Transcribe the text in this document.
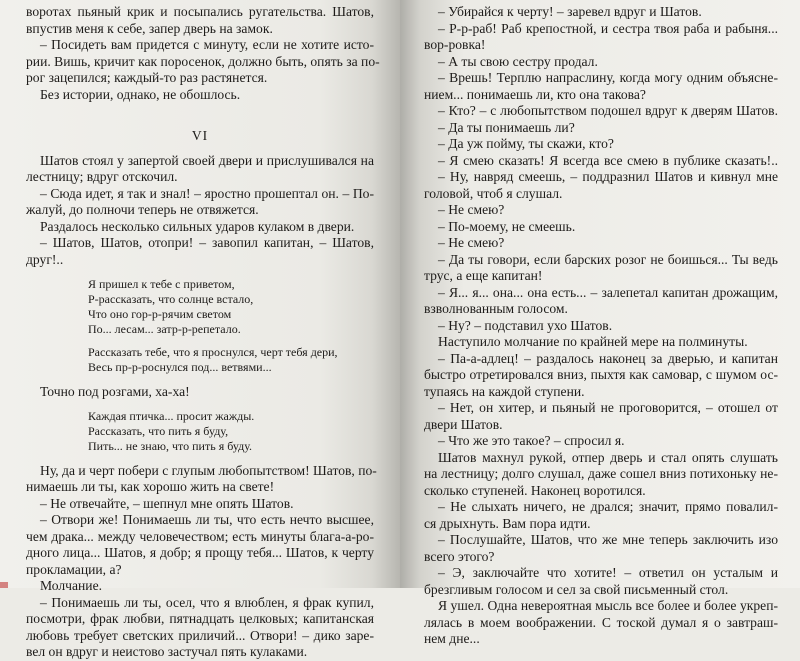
воротах пьяный крик и посыпались ругательства. Шатов,
впустив меня к себе, запер дверь на замок.
– Посидеть вам придется с минуту, если не хотите исто-
рии. Вишь, кричит как поросенок, должно быть, опять за по-
рог зацепился; каждый-то раз растянется.
Без истории, однако, не обошлось.
VI
Шатов стоял у запертой своей двери и прислушивался на
лестницу; вдруг отскочил.
– Сюда идет, я так и знал! – яростно прошептал он. – По-
жалуй, до полночи теперь не отвяжется.
Раздалось несколько сильных ударов кулаком в двери.
– Шатов, Шатов, отопри! – завопил капитан, – Шатов,
друг!..
Я пришел к тебе с приветом,
Р-рассказать, что солнце встало,
Что оно гор-р-рячим светом
По... лесам... затр-р-репетало.
Рассказать тебе, что я проснулся, черт тебя дери,
Весь пр-р-роснулся под... ветвями...
Точно под розгами, ха-ха!
Каждая птичка... просит жажды.
Рассказать, что пить я буду,
Пить... не знаю, что пить я буду.
Ну, да и черт побери с глупым любопытством! Шатов, по-
нимаешь ли ты, как хорошо жить на свете!
– Не отвечайте, – шепнул мне опять Шатов.
– Отвори же! Понимаешь ли ты, что есть нечто высшее,
чем драка... между человечеством; есть минуты блага-а-ро-
дного лица... Шатов, я добр; я прощу тебя... Шатов, к черту
прокламации, а?
Молчание.
– Понимаешь ли ты, осел, что я влюблен, я фрак купил,
посмотри, фрак любви, пятнадцать целковых; капитанская
любовь требует светских приличий... Отвори! – дико заре-
вел он вдруг и неистово застучал пять кулаками.
– Убирайся к черту! – заревел вдруг и Шатов.
– Р-р-раб! Раб крепостной, и сестра твоя раба и рабыня...
вор-ровка!
– А ты свою сестру продал.
– Врешь! Терплю напраслину, когда могу одним объясне-
нием... понимаешь ли, кто она такова?
– Кто? – с любопытством подошел вдруг к дверям Шатов.
– Да ты понимаешь ли?
– Да уж пойму, ты скажи, кто?
– Я смею сказать! Я всегда все смею в публике сказать!..
– Ну, навряд смеешь, – поддразнил Шатов и кивнул мне
головой, чтоб я слушал.
– Не смею?
– По-моему, не смеешь.
– Не смею?
– Да ты говори, если барских розог не боишься... Ты ведь
трус, а еще капитан!
– Я... я... она... она есть... – залепетал капитан дрожащим,
взволнованным голосом.
– Ну? – подставил ухо Шатов.
Наступило молчание по крайней мере на полминуты.
– Па-а-адлец! – раздалось наконец за дверью, и капитан
быстро отретировался вниз, пыхтя как самовар, с шумом ос-
тупаясь на каждой ступени.
– Нет, он хитер, и пьяный не проговорится, – отошел от
двери Шатов.
– Что же это такое? – спросил я.
Шатов махнул рукой, отпер дверь и стал опять слушать
на лестницу; долго слушал, даже сошел вниз потихоньку не-
сколько ступеней. Наконец воротился.
– Не слыхать ничего, не дрался; значит, прямо повалил-
ся дрыхнуть. Вам пора идти.
– Послушайте, Шатов, что же мне теперь заключить изо
всего этого?
– Э, заключайте что хотите! – ответил он усталым и
брезгливым голосом и сел за свой письменный стол.
Я ушел. Одна невероятная мысль все более и более укреп-
лялась в моем воображении. С тоской думал я о завтраш-
нем дне...
